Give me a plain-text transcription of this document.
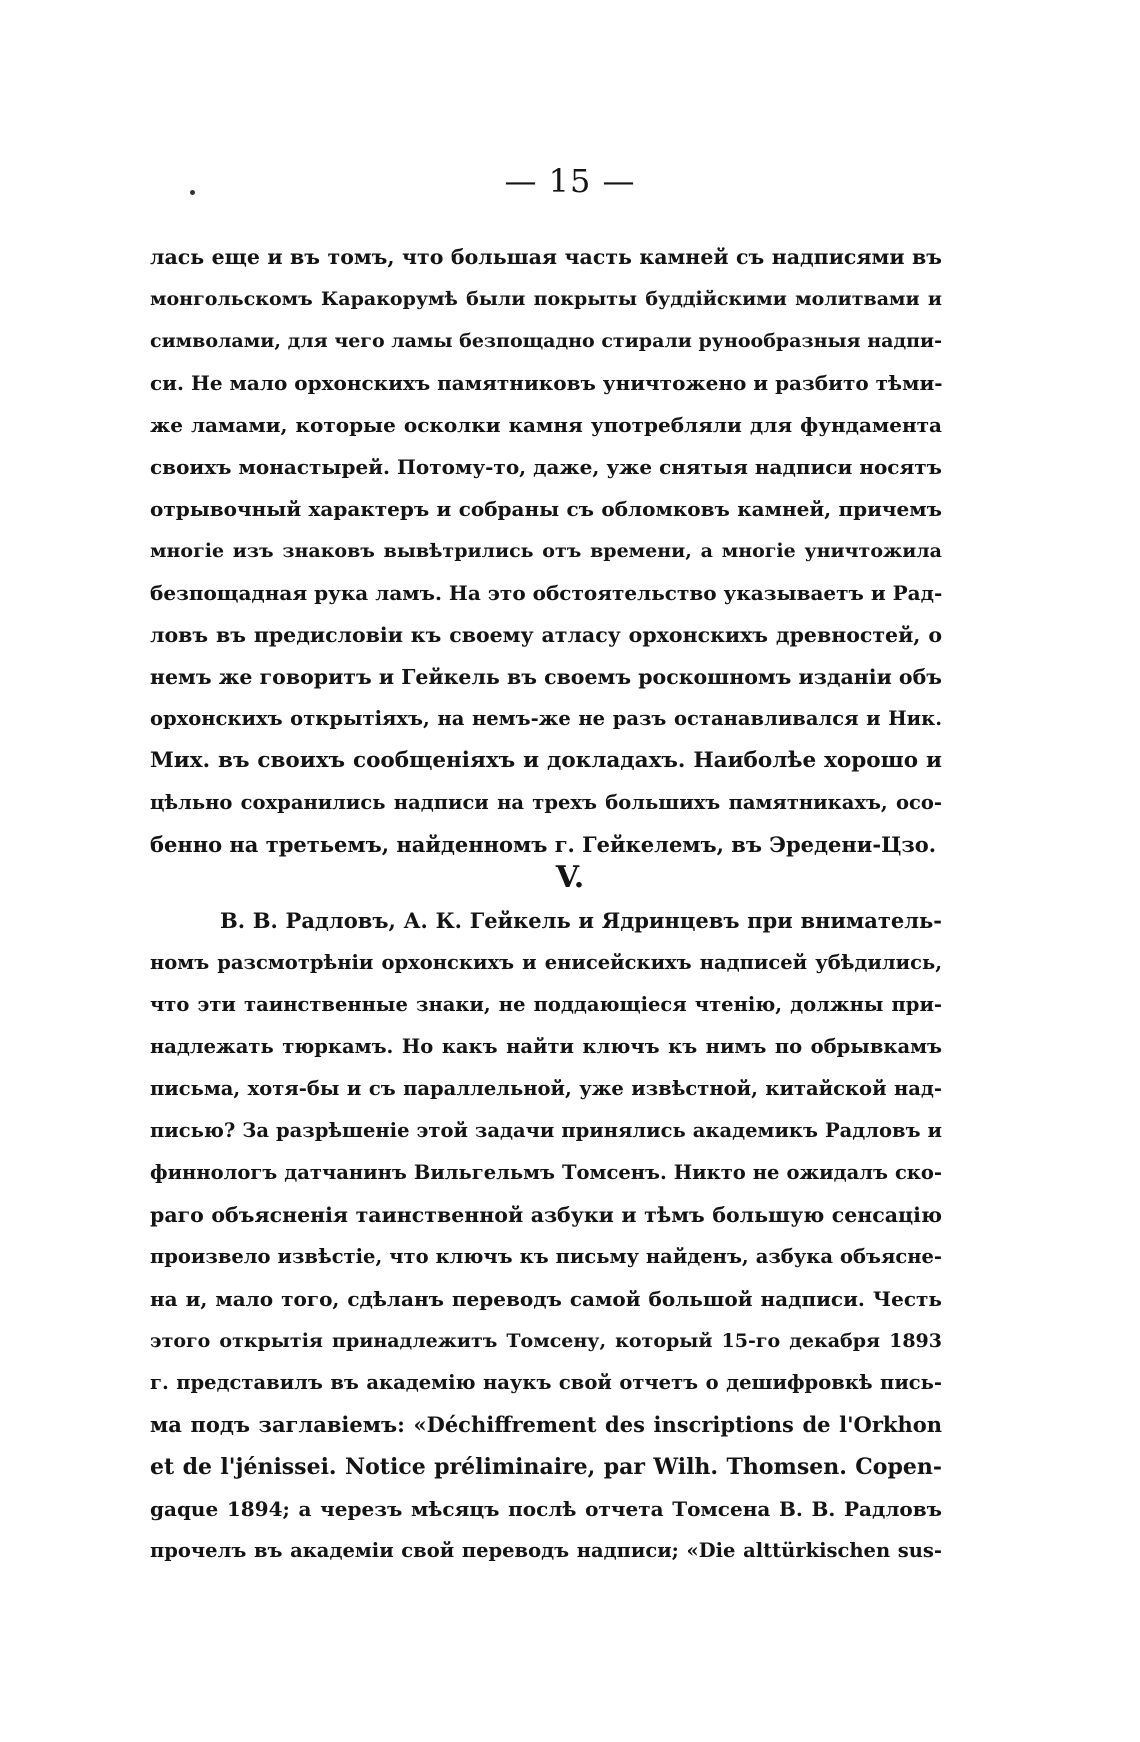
— 15 —
лась еще и въ томъ, что большая часть камней съ надписями въ
монгольскомъ Каракорумѣ были покрыты буддійскими молитвами и
символами, для чего ламы безпощадно стирали рунообразныя надпи-
си. Не мало орхонскихъ памятниковъ уничтожено и разбито тѣми-
же ламами, которые осколки камня употребляли для фундамента
своихъ монастырей. Потому-то, даже, уже снятыя надписи носятъ
отрывочный характеръ и собраны съ обломковъ камней, причемъ
многіе изъ знаковъ вывѣтрились отъ времени, а многіе уничтожила
безпощадная рука ламъ. На это обстоятельство указываетъ и Рад-
ловъ въ предисловіи къ своему атласу орхонскихъ древностей, о
немъ же говоритъ и Гейкель въ своемъ роскошномъ изданіи объ
орхонскихъ открытіяхъ, на немъ-же не разъ останавливался и Ник.
Мих. въ своихъ сообщеніяхъ и докладахъ. Наиболѣе хорошо и
цѣльно сохранились надписи на трехъ большихъ памятникахъ, осо-
бенно на третьемъ, найденномъ г. Гейкелемъ, въ Эредени-Цзо.
V.
В. В. Радловъ, А. К. Гейкель и Ядринцевъ при вниматель-
номъ разсмотрѣніи орхонскихъ и енисейскихъ надписей убѣдились,
что эти таинственные знаки, не поддающіеся чтенію, должны при-
надлежать тюркамъ. Но какъ найти ключъ къ нимъ по обрывкамъ
письма, хотя-бы и съ параллельной, уже извѣстной, китайской над-
писью? За разрѣшеніе этой задачи принялись академикъ Радловъ и
финнологъ датчанинъ Вильгельмъ Томсенъ. Никто не ожидалъ ско-
раго объясненія таинственной азбуки и тѣмъ большую сенсацію
произвело извѣстіе, что ключъ къ письму найденъ, азбука объясне-
на и, мало того, сдѣланъ переводъ самой большой надписи. Честь
этого открытія принадлежитъ Томсену, который 15-го декабря 1893
г. представилъ въ академію наукъ свой отчетъ о дешифровкѣ пись-
ма подъ заглавіемъ: «Déchiffrement des inscriptions de l'Orkhon
et de l'jénissei. Notice préliminaire, par Wilh. Thomsen. Copen-
gaque 1894; а черезъ мѣсяцъ послѣ отчета Томсена В. В. Радловъ
прочелъ въ академіи свой переводъ надписи; «Die alttürkischen sus-
